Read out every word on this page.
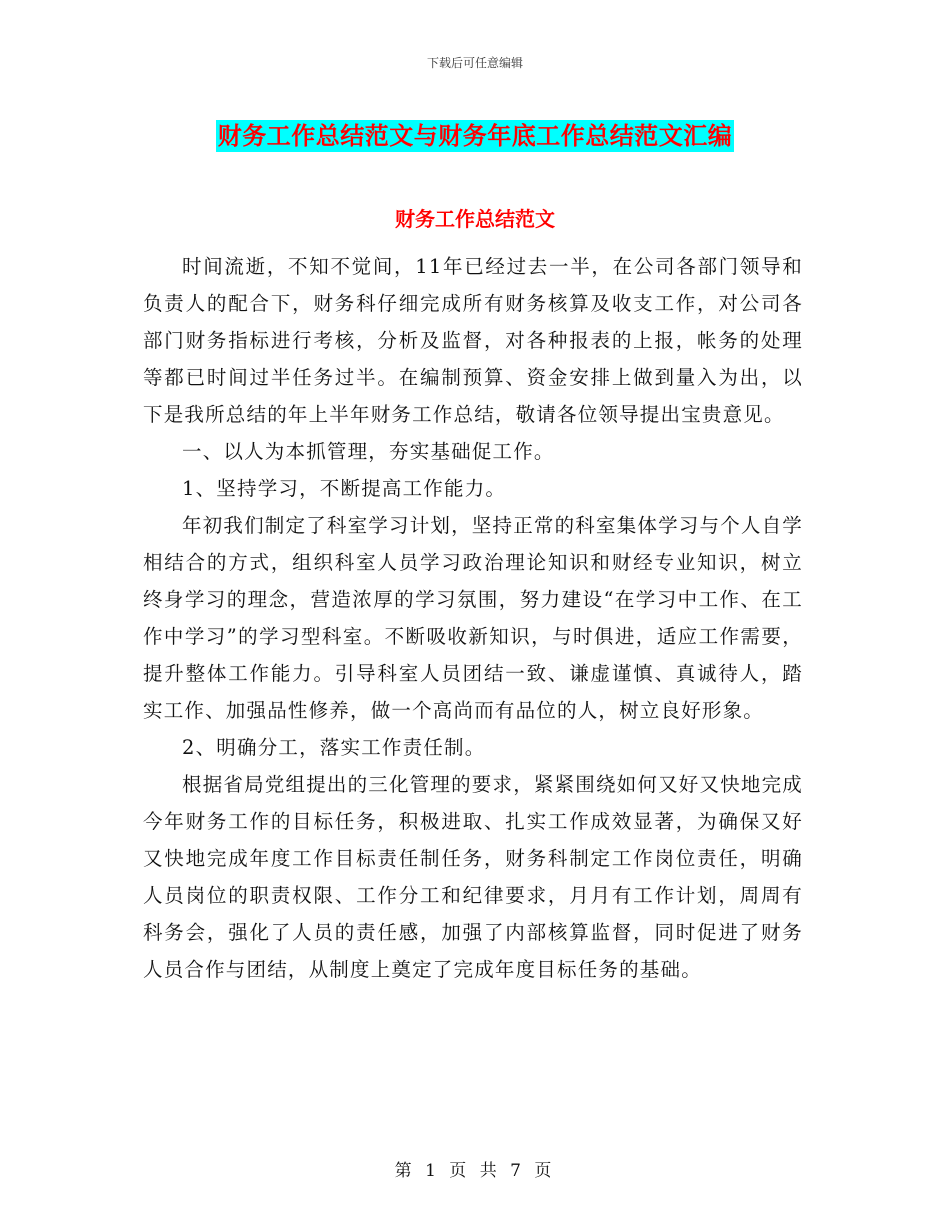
下载后可任意编辑
财务工作总结范文与财务年底工作总结范文汇编
财务工作总结范文

时间流逝，不知不觉间，11年已经过去一半，在公司各部门领导和负责人的配合下，财务科仔细完成所有财务核算及收支工作，对公司各部门财务指标进行考核，分析及监督，对各种报表的上报，帐务的处理等都已时间过半任务过半。在编制预算、资金安排上做到量入为出，以下是我所总结的年上半年财务工作总结，敬请各位领导提出宝贵意见。

一、以人为本抓管理，夯实基础促工作。

1、坚持学习，不断提高工作能力。

年初我们制定了科室学习计划，坚持正常的科室集体学习与个人自学相结合的方式，组织科室人员学习政治理论知识和财经专业知识，树立终身学习的理念，营造浓厚的学习氛围，努力建设“在学习中工作、在工作中学习”的学习型科室。不断吸收新知识，与时俱进，适应工作需要，提升整体工作能力。引导科室人员团结一致、谦虚谨慎、真诚待人，踏实工作、加强品性修养，做一个高尚而有品位的人，树立良好形象。

2、明确分工，落实工作责任制。

根据省局党组提出的三化管理的要求，紧紧围绕如何又好又快地完成今年财务工作的目标任务，积极进取、扎实工作成效显著，为确保又好又快地完成年度工作目标责任制任务，财务科制定工作岗位责任，明确人员岗位的职责权限、工作分工和纪律要求，月月有工作计划，周周有科务会，强化了人员的责任感，加强了内部核算监督，同时促进了财务人员合作与团结，从制度上奠定了完成年度目标任务的基础。

第 1 页 共 7 页
